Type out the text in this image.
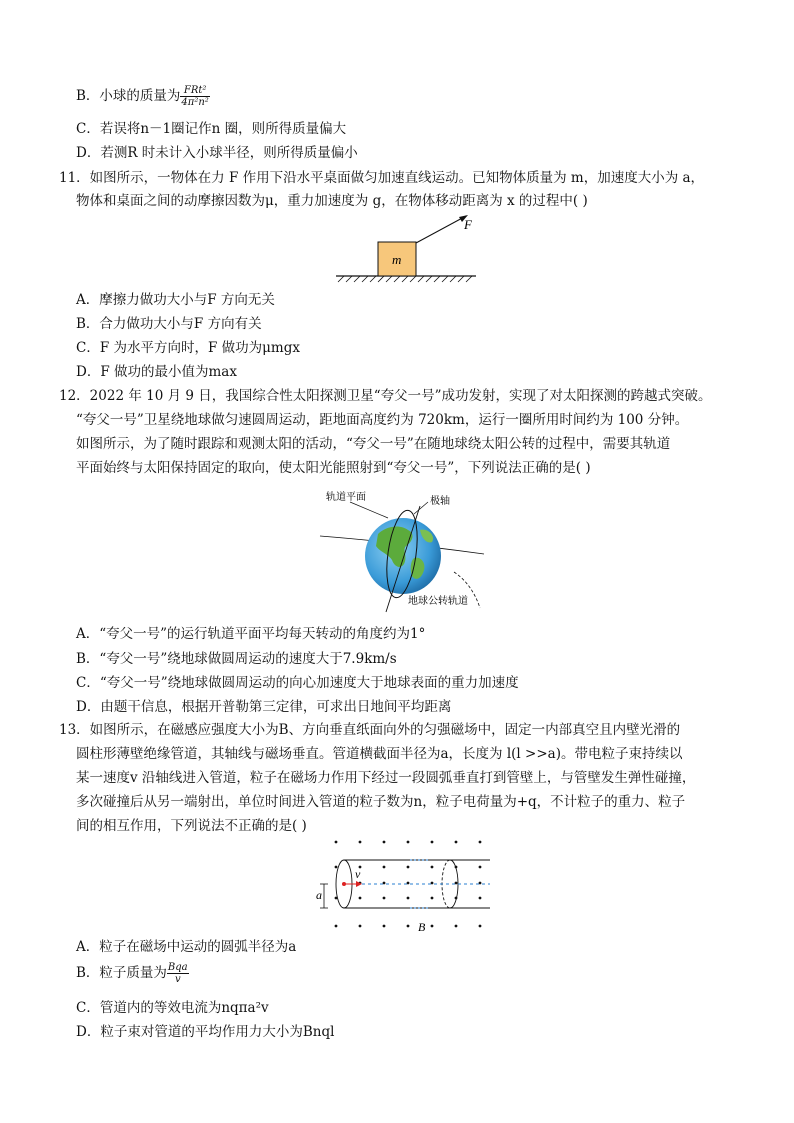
B．小球的质量为 $\frac{\text{FRt²}}{\text{4π²n²}}$
C．若误将n－1圈记作n 圈，则所得质量偏大
D．若测R 时未计入小球半径，则所得质量偏小
11．如图所示，一物体在力 F 作用下沿水平桌面做匀加速直线运动。已知物体质量为 m，加速度大小为 a，
物体和桌面之间的动摩擦因数为μ，重力加速度为 g，在物体移动距离为 x 的过程中( )
m
F
A．摩擦力做功大小与F 方向无关
B．合力做功大小与F 方向有关
C．F 为水平方向时，F 做功为μmgx
D．F 做功的最小值为max
12．2022 年 10 月 9 日，我国综合性太阳探测卫星“夸父一号”成功发射，实现了对太阳探测的跨越式突破。
“夸父一号”卫星绕地球做匀速圆周运动，距地面高度约为 720km，运行一圈所用时间约为 100 分钟。
如图所示，为了随时跟踪和观测太阳的活动，“夸父一号”在随地球绕太阳公转的过程中，需要其轨道
平面始终与太阳保持固定的取向，使太阳光能照射到“夸父一号”，下列说法正确的是( )
轨道平面	极轴
地球公转轨道
A．“夸父一号”的运行轨道平面平均每天转动的角度约为1°
B．“夸父一号”绕地球做圆周运动的速度大于7.9km/s
C．“夸父一号”绕地球做圆周运动的向心加速度大于地球表面的重力加速度
D．由题干信息，根据开普勒第三定律，可求出日地间平均距离
13．如图所示，在磁感应强度大小为B、方向垂直纸面向外的匀强磁场中，固定一内部真空且内壁光滑的
圆柱形薄壁绝缘管道，其轴线与磁场垂直。管道横截面半径为a，长度为 l(l >>a)。带电粒子束持续以
某一速度v 沿轴线进入管道，粒子在磁场力作用下经过一段圆弧垂直打到管壁上，与管壁发生弹性碰撞，
多次碰撞后从另一端射出，单位时间进入管道的粒子数为n，粒子电荷量为+q，不计粒子的重力、粒子
间的相互作用，下列说法不正确的是( )
a
v
B
A．粒子在磁场中运动的圆弧半径为a
B．粒子质量为 $\frac{\text{Bqa}}{v}$
C．管道内的等效电流为nqπa²v
D．粒子束对管道的平均作用力大小为Bnql
